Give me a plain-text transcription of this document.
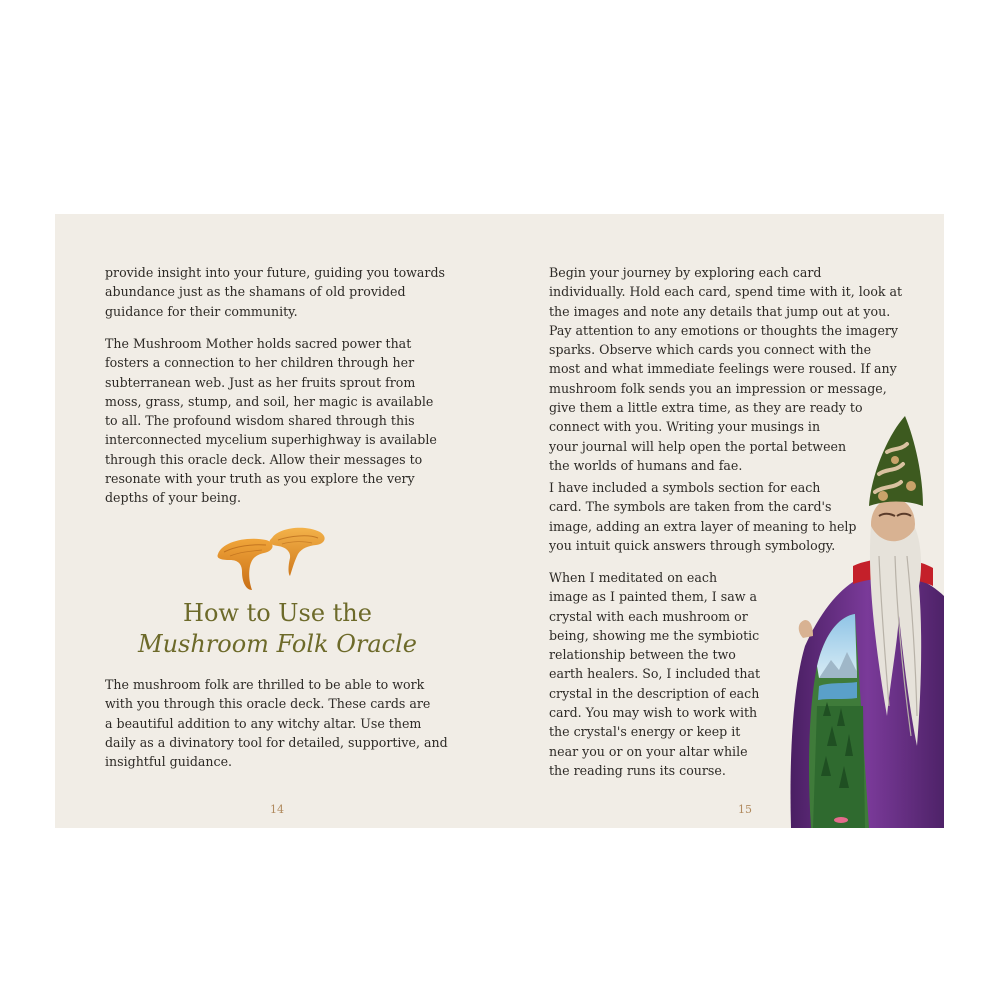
provide insight into your future, guiding you towards
abundance just as the shamans of old provided
guidance for their community.

The Mushroom Mother holds sacred power that
fosters a connection to her children through her
subterranean web. Just as her fruits sprout from
moss, grass, stump, and soil, her magic is available
to all. The profound wisdom shared through this
interconnected mycelium superhighway is available
through this oracle deck. Allow their messages to
resonate with your truth as you explore the very
depths of your being.

How to Use the
Mushroom Folk Oracle

The mushroom folk are thrilled to be able to work
with you through this oracle deck. These cards are
a beautiful addition to any witchy altar. Use them
daily as a divinatory tool for detailed, supportive, and
insightful guidance.

14

Begin your journey by exploring each card
individually. Hold each card, spend time with it, look at
the images and note any details that jump out at you.
Pay attention to any emotions or thoughts the imagery
sparks. Observe which cards you connect with the
most and what immediate feelings were roused. If any
mushroom folk sends you an impression or message,
give them a little extra time, as they are ready to
connect with you. Writing your musings in
your journal will help open the portal between
the worlds of humans and fae.

I have included a symbols section for each
card. The symbols are taken from the card's
image, adding an extra layer of meaning to help
you intuit quick answers through symbology.

When I meditated on each
image as I painted them, I saw a
crystal with each mushroom or
being, showing me the symbiotic
relationship between the two
earth healers. So, I included that
crystal in the description of each
card. You may wish to work with
the crystal's energy or keep it
near you or on your altar while
the reading runs its course.

15
